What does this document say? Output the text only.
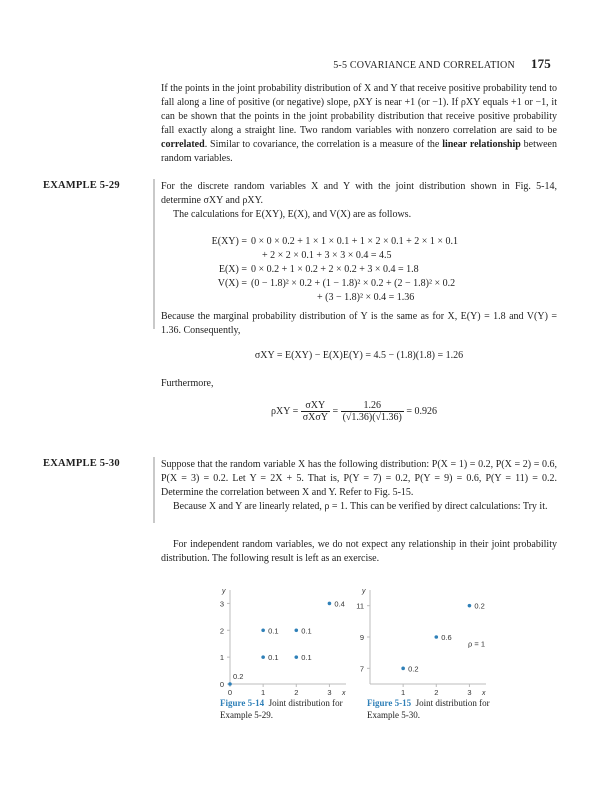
5-5 COVARIANCE AND CORRELATION 175
If the points in the joint probability distribution of X and Y that receive positive probability tend to fall along a line of positive (or negative) slope, ρXY is near +1 (or −1). If ρXY equals +1 or −1, it can be shown that the points in the joint probability distribution that receive positive probability fall exactly along a straight line. Two random variables with nonzero correlation are said to be correlated. Similar to covariance, the correlation is a measure of the linear relationship between random variables.
EXAMPLE 5-29	For the discrete random variables X and Y with the joint distribution shown in Fig. 5-14, determine σXY and ρXY.
The calculations for E(XY), E(X), and V(X) are as follows.
E(XY) = 0 × 0 × 0.2 + 1 × 1 × 0.1 + 1 × 2 × 0.1 + 2 × 1 × 0.1
+ 2 × 2 × 0.1 + 3 × 3 × 0.4 = 4.5
E(X) = 0 × 0.2 + 1 × 0.2 + 2 × 0.2 + 3 × 0.4 = 1.8
V(X) = (0 − 1.8)² × 0.2 + (1 − 1.8)² × 0.2 + (2 − 1.8)² × 0.2
+ (3 − 1.8)² × 0.4 = 1.36
Because the marginal probability distribution of Y is the same as for X, E(Y) = 1.8 and V(Y) = 1.36. Consequently,
σXY = E(XY) − E(X)E(Y) = 4.5 − (1.8)(1.8) = 1.26
Furthermore,
$\rho XY = \frac{\text{σXY}}{\text{σXσY}} = \frac{1.26}{(√1.36)(√1.36)} = 0.926$
EXAMPLE 5-30	Suppose that the random variable X has the following distribution: P(X = 1) = 0.2, P(X = 2) = 0.6, P(X = 3) = 0.2. Let Y = 2X + 5. That is, P(Y = 7) = 0.2, P(Y = 9) = 0.6, P(Y = 11) = 0.2. Determine the correlation between X and Y. Refer to Fig. 5-15.
Because X and Y are linearly related, ρ = 1. This can be verified by direct calculations: Try it.
For independent random variables, we do not expect any relationship in their joint probability distribution. The following result is left as an exercise.
y
x
0	1	2	3
0
1
2
3
0.2
0.1	0.1
0.1	0.1
0.4
y
x
1	2	3
7
9
11
0.2
0.6
0.2
ρ = 1
Figure 5-14 Joint distribution for
Example 5-29.
Figure 5-15 Joint distribution for
Example 5-30.
